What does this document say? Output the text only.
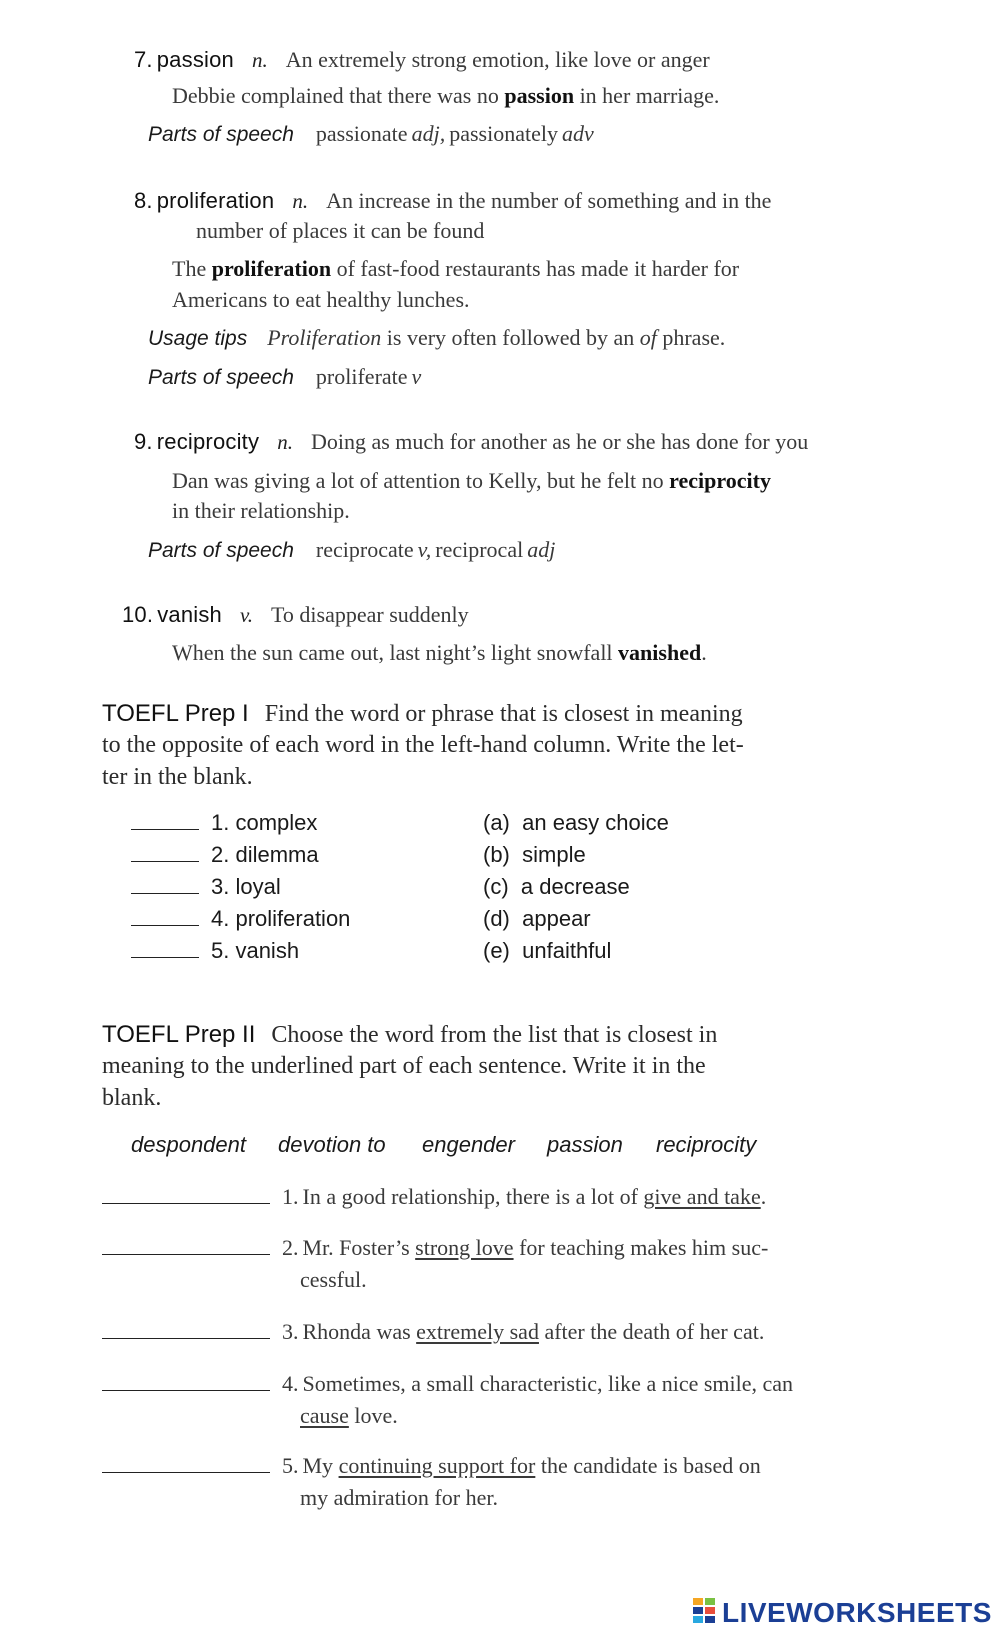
7. passion n. An extremely strong emotion, like love or anger
Debbie complained that there was no passion in her marriage.
Parts of speech passionate adj, passionately adv
8. proliferation n. An increase in the number of something and in the
number of places it can be found
The proliferation of fast-food restaurants has made it harder for
Americans to eat healthy lunches.
Usage tips Proliferation is very often followed by an of phrase.
Parts of speech proliferate v
9. reciprocity n. Doing as much for another as he or she has done for you
Dan was giving a lot of attention to Kelly, but he felt no reciprocity
in their relationship.
Parts of speech reciprocate v, reciprocal adj
10. vanish v. To disappear suddenly
When the sun came out, last night’s light snowfall vanished.
TOEFL Prep I Find the word or phrase that is closest in meaning
to the opposite of each word in the left-hand column. Write the let-
ter in the blank.
1. complex
2. dilemma
3. loyal
4. proliferation
5. vanish
(a) an easy choice
(b) simple
(c) a decrease
(d) appear
(e) unfaithful
TOEFL Prep II Choose the word from the list that is closest in
meaning to the underlined part of each sentence. Write it in the
blank.
despondent devotion to engender passion reciprocity
1. In a good relationship, there is a lot of give and take.
2. Mr. Foster’s strong love for teaching makes him suc-
cessful.
3. Rhonda was extremely sad after the death of her cat.
4. Sometimes, a small characteristic, like a nice smile, can
cause love.
5. My continuing support for the candidate is based on
my admiration for her.
LIVEWORKSHEETS
